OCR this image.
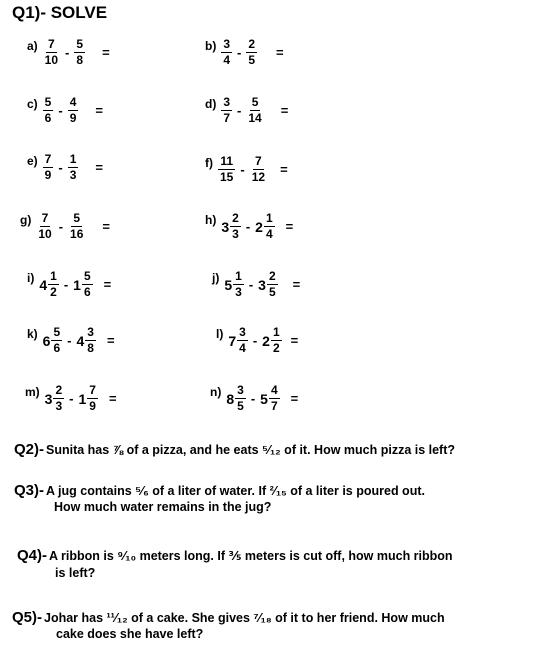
Q1)- SOLVE
$a) \frac{7}{10} - \frac{5}{8}$ =	$b) \frac{3}{4} - \frac{2}{5}$ =
$c) \frac{5}{6} - \frac{4}{9}$ =	$d) \frac{3}{7} - \frac{5}{14}$ =
$e) \frac{7}{9} - \frac{1}{3}$ =	$f) \frac{11}{15} - \frac{7}{12}$ =
$g) \frac{7}{10} - \frac{5}{16}$ =	h) $3 \frac{2}{3} - 2 \frac{1}{4}$ =
i) $4 \frac{1}{2} - 1 \frac{5}{6}$ =	j) $5 \frac{1}{3} - 3 \frac{2}{5}$ =
k) $6 \frac{5}{6} - 4 \frac{3}{8}$ =	l) $7 \frac{3}{4} - 2 \frac{1}{2}$ =
m) $3 \frac{2}{3} - 1 \frac{7}{9}$ =	n) $8 \frac{3}{5} - 5 \frac{4}{7}$ =
Q2)- Sunita has ⅞ of a pizza, and he eats ⁵⁄₁₂ of it. How much pizza is left?
Q3)- A jug contains ⁵⁄₆ of a liter of water. If ²⁄₁₅ of a liter is poured out.
How much water remains in the jug?
Q4)- A ribbon is ⁹⁄₁₀ meters long. If ⅗ meters is cut off, how much ribbon
is left?
Q5)- Johar has ¹¹⁄₁₂ of a cake. She gives ⁷⁄₁₈ of it to her friend. How much
cake does she have left?
